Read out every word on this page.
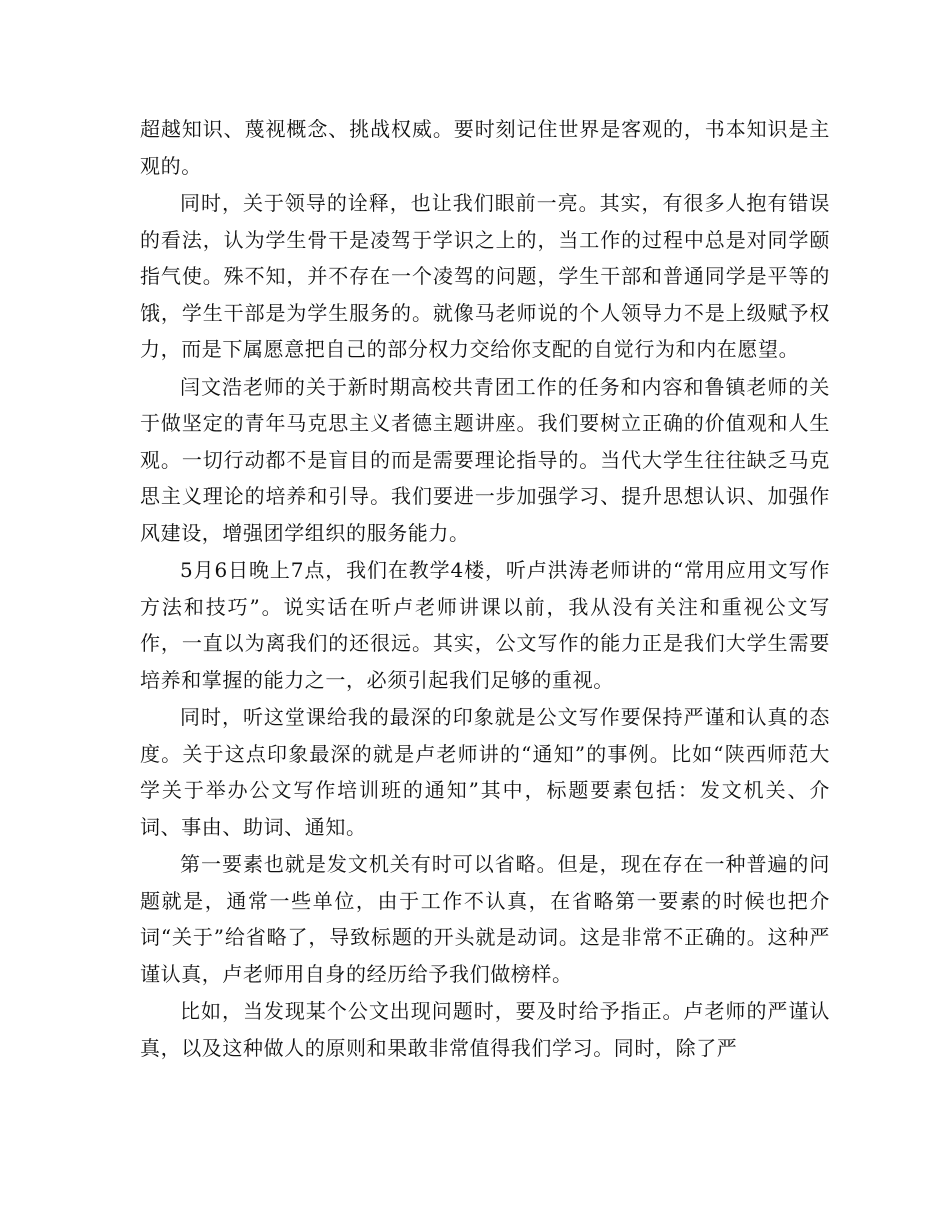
超越知识、蔑视概念、挑战权威。要时刻记住世界是客观的，书本知识是主观的。

同时，关于领导的诠释，也让我们眼前一亮。其实，有很多人抱有错误的看法，认为学生骨干是凌驾于学识之上的，当工作的过程中总是对同学颐指气使。殊不知，并不存在一个凌驾的问题，学生干部和普通同学是平等的饿，学生干部是为学生服务的。就像马老师说的个人领导力不是上级赋予权力，而是下属愿意把自己的部分权力交给你支配的自觉行为和内在愿望。

闫文浩老师的关于新时期高校共青团工作的任务和内容和鲁镇老师的关于做坚定的青年马克思主义者德主题讲座。我们要树立正确的价值观和人生观。一切行动都不是盲目的而是需要理论指导的。当代大学生往往缺乏马克思主义理论的培养和引导。我们要进一步加强学习、提升思想认识、加强作风建设，增强团学组织的服务能力。

5月6日晚上7点，我们在教学4楼，听卢洪涛老师讲的“常用应用文写作方法和技巧”。说实话在听卢老师讲课以前，我从没有关注和重视公文写作，一直以为离我们的还很远。其实，公文写作的能力正是我们大学生需要培养和掌握的能力之一，必须引起我们足够的重视。

同时，听这堂课给我的最深的印象就是公文写作要保持严谨和认真的态度。关于这点印象最深的就是卢老师讲的“通知”的事例。比如“陕西师范大学关于举办公文写作培训班的通知”其中，标题要素包括：发文机关、介词、事由、助词、通知。

第一要素也就是发文机关有时可以省略。但是，现在存在一种普遍的问题就是，通常一些单位，由于工作不认真，在省略第一要素的时候也把介词“关于”给省略了，导致标题的开头就是动词。这是非常不正确的。这种严谨认真，卢老师用自身的经历给予我们做榜样。

比如，当发现某个公文出现问题时，要及时给予指正。卢老师的严谨认真，以及这种做人的原则和果敢非常值得我们学习。同时，除了严
